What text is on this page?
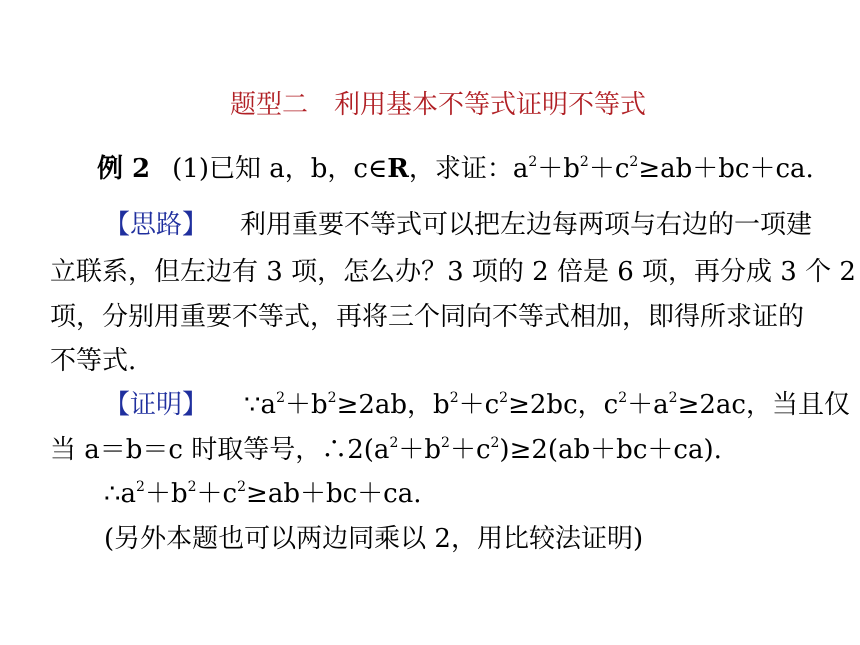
题型二　利用基本不等式证明不等式
例 2 (1)已知 a，b，c∈R，求证：$a^2+b^2+c^2\ge ab+bc+ca$.
【思路】 利用重要不等式可以把左边每两项与右边的一项建
立联系，但左边有 3 项，怎么办？3 项的 2 倍是 6 项，再分成 3 个 2
项，分别用重要不等式，再将三个同向不等式相加，即得所求证的
不等式.
【证明】 $\because a^2+b^2\ge 2ab$，$b^2+c^2\ge 2bc$，$c^2+a^2\ge 2ac$，当且仅
当 a＝b＝c 时取等号，$\therefore 2(a^2+b^2+c^2)\ge 2(ab+bc+ca)$.
$\therefore a^2+b^2+c^2\ge ab+bc+ca$.
(另外本题也可以两边同乘以 2，用比较法证明)
